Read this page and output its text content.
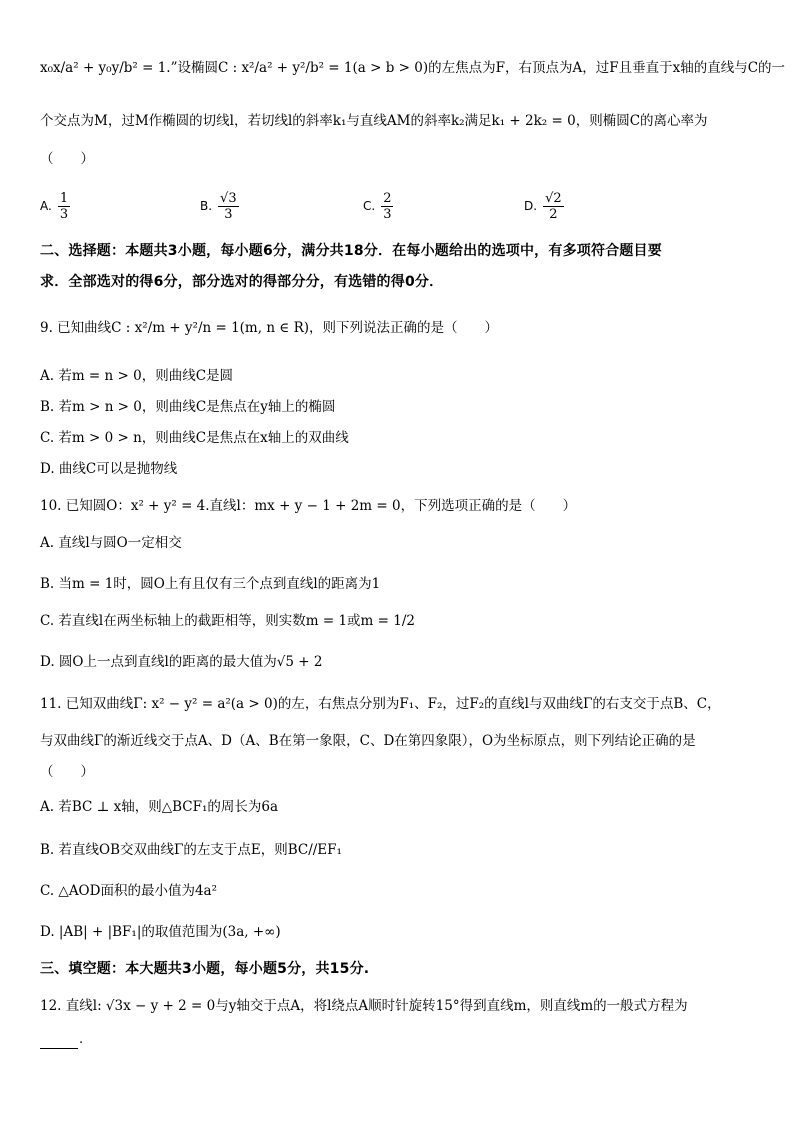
x₀x/a² + y₀y/b² = 1.”设椭圆C : x²/a² + y²/b² = 1(a > b > 0)的左焦点为F，右顶点为A，过F且垂直于x轴的直线与C的一
个交点为M，过M作椭圆的切线l，若切线l的斜率k₁与直线AM的斜率k₂满足k₁ + 2k₂ = 0，则椭圆C的离心率为
（　　）
A. $\frac{1}{3}$	B. $\frac{√3}{3}$	C. $\frac{2}{3}$	D. $\frac{√2}{2}$
二、选择题：本题共3小题，每小题6分，满分共18分．在每小题给出的选项中，有多项符合题目要
求．全部选对的得6分，部分选对的得部分分，有选错的得0分．
9. 已知曲线C : x²/m + y²/n = 1(m, n ∈ R)，则下列说法正确的是（　　）
A. 若m = n > 0，则曲线C是圆
B. 若m > n > 0，则曲线C是焦点在y轴上的椭圆
C. 若m > 0 > n，则曲线C是焦点在x轴上的双曲线
D. 曲线C可以是抛物线
10. 已知圆O：x² + y² = 4.直线l：mx + y − 1 + 2m = 0，下列选项正确的是（　　）
A. 直线l与圆O一定相交
B. 当m = 1时，圆O上有且仅有三个点到直线l的距离为1
C. 若直线l在两坐标轴上的截距相等，则实数m = 1或m = 1/2
D. 圆O上一点到直线l的距离的最大值为√5 + 2
11. 已知双曲线Γ: x² − y² = a²(a > 0)的左，右焦点分别为F₁、F₂，过F₂的直线l与双曲线Γ的右支交于点B、C，
与双曲线Γ的渐近线交于点A、D（A、B在第一象限，C、D在第四象限），O为坐标原点，则下列结论正确的是
（　　）
A. 若BC ⊥ x轴，则△BCF₁的周长为6a
B. 若直线OB交双曲线Γ的左支于点E，则BC//EF₁
C. △AOD面积的最小值为4a²
D. |AB| + |BF₁|的取值范围为(3a, +∞)
三、填空题：本大题共3小题，每小题5分，共15分.
12. 直线l: √3x − y + 2 = 0与y轴交于点A，将l绕点A顺时针旋转15°得到直线m，则直线m的一般式方程为
.
